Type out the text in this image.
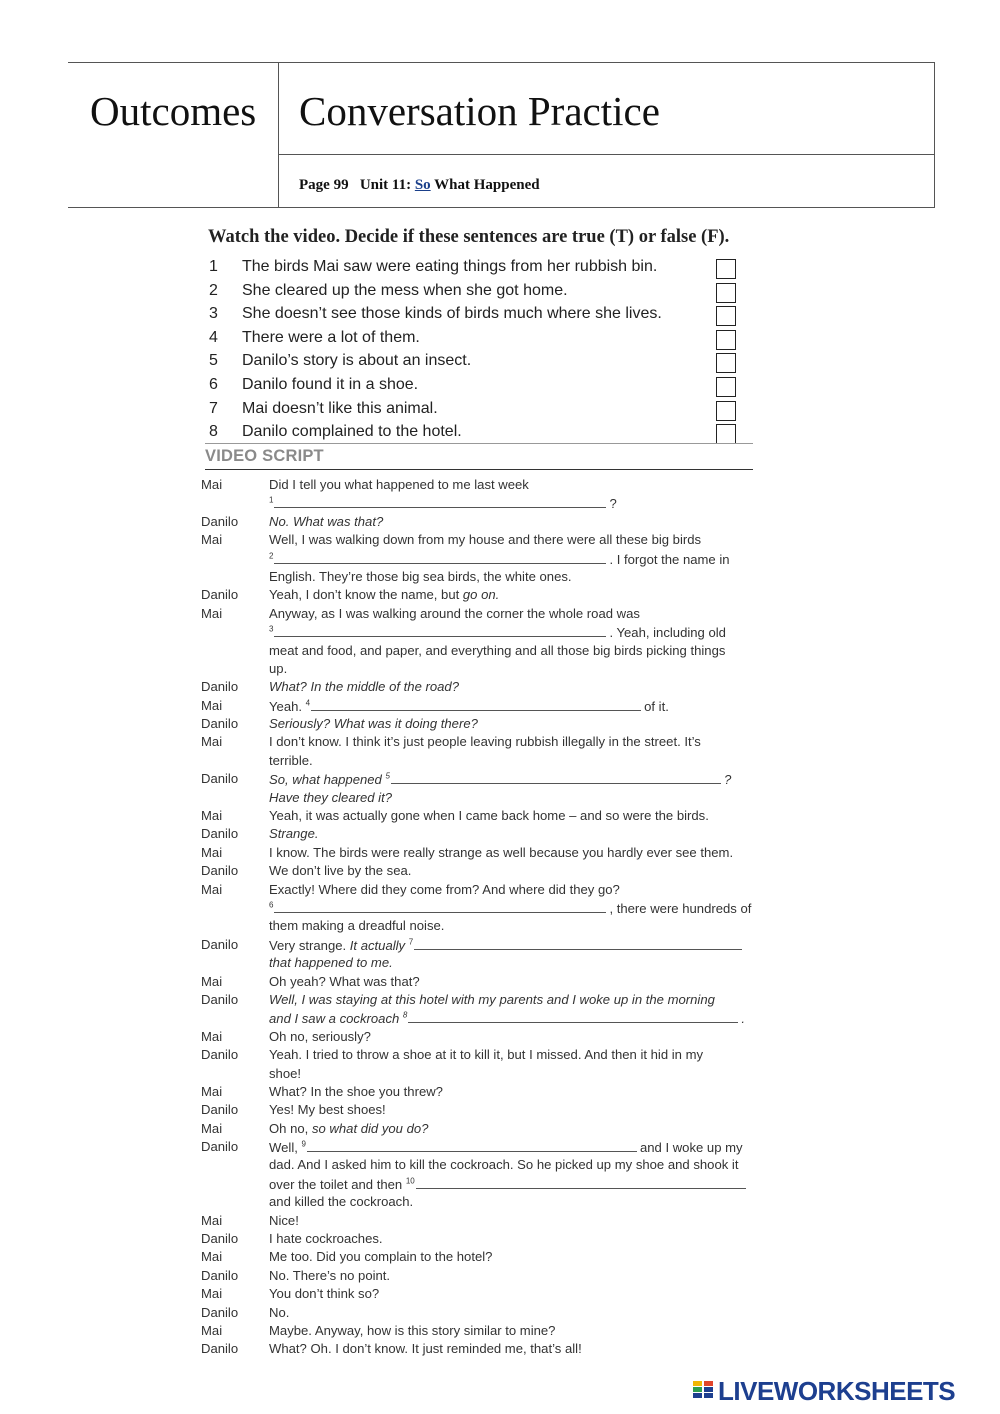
Outcomes Conversation Practice
Page 99   Unit 11: So What Happened
Watch the video. Decide if these sentences are true (T) or false (F).
1 The birds Mai saw were eating things from her rubbish bin.
2 She cleared up the mess when she got home.
3 She doesn’t see those kinds of birds much where she lives.
4 There were a lot of them.
5 Danilo’s story is about an insect.
6 Danilo found it in a shoe.
7 Mai doesn’t like this animal.
8 Danilo complained to the hotel.
VIDEO SCRIPT
Mai	Did I tell you what happened to me last week
$^1$	?
Danilo No. What was that?
Mai	Well, I was walking down from my house and there were all these big birds
$^2$	. I forgot the name in
English. They’re those big sea birds, the white ones.
Danilo Yeah, I don’t know the name, but go on.
Mai	Anyway, as I was walking around the corner the whole road was
$^3$	. Yeah, including old
meat and food, and paper, and everything and all those big birds picking things
up.
Danilo What? In the middle of the road?
Mai	Yeah. $^4$	of it.
Danilo Seriously? What was it doing there?
Mai	I don’t know. I think it’s just people leaving rubbish illegally in the street. It’s
terrible.
Danilo So, what happened $^5$	?
Have they cleared it?
Mai	Yeah, it was actually gone when I came back home – and so were the birds.
Danilo Strange.
Mai	I know. The birds were really strange as well because you hardly ever see them.
Danilo We don’t live by the sea.
Mai	Exactly! Where did they come from? And where did they go?
$^6$	, there were hundreds of
them making a dreadful noise.
Danilo Very strange. It actually $^7$
that happened to me.
Mai	Oh yeah? What was that?
Danilo Well, I was staying at this hotel with my parents and I woke up in the morning
and I saw a cockroach $^8$	.
Mai	Oh no, seriously?
Danilo Yeah. I tried to throw a shoe at it to kill it, but I missed. And then it hid in my
shoe!
Mai	What? In the shoe you threw?
Danilo Yes! My best shoes!
Mai	Oh no, so what did you do?
Danilo Well, $^9$	and I woke up my
dad. And I asked him to kill the cockroach. So he picked up my shoe and shook it
over the toilet and then $^{10}$
and killed the cockroach.
Mai	Nice!
Danilo I hate cockroaches.
Mai	Me too. Did you complain to the hotel?
Danilo No. There’s no point.
Mai	You don’t think so?
Danilo No.
Mai	Maybe. Anyway, how is this story similar to mine?
Danilo What? Oh. I don’t know. It just reminded me, that’s all!
LIVEWORKSHEETS
